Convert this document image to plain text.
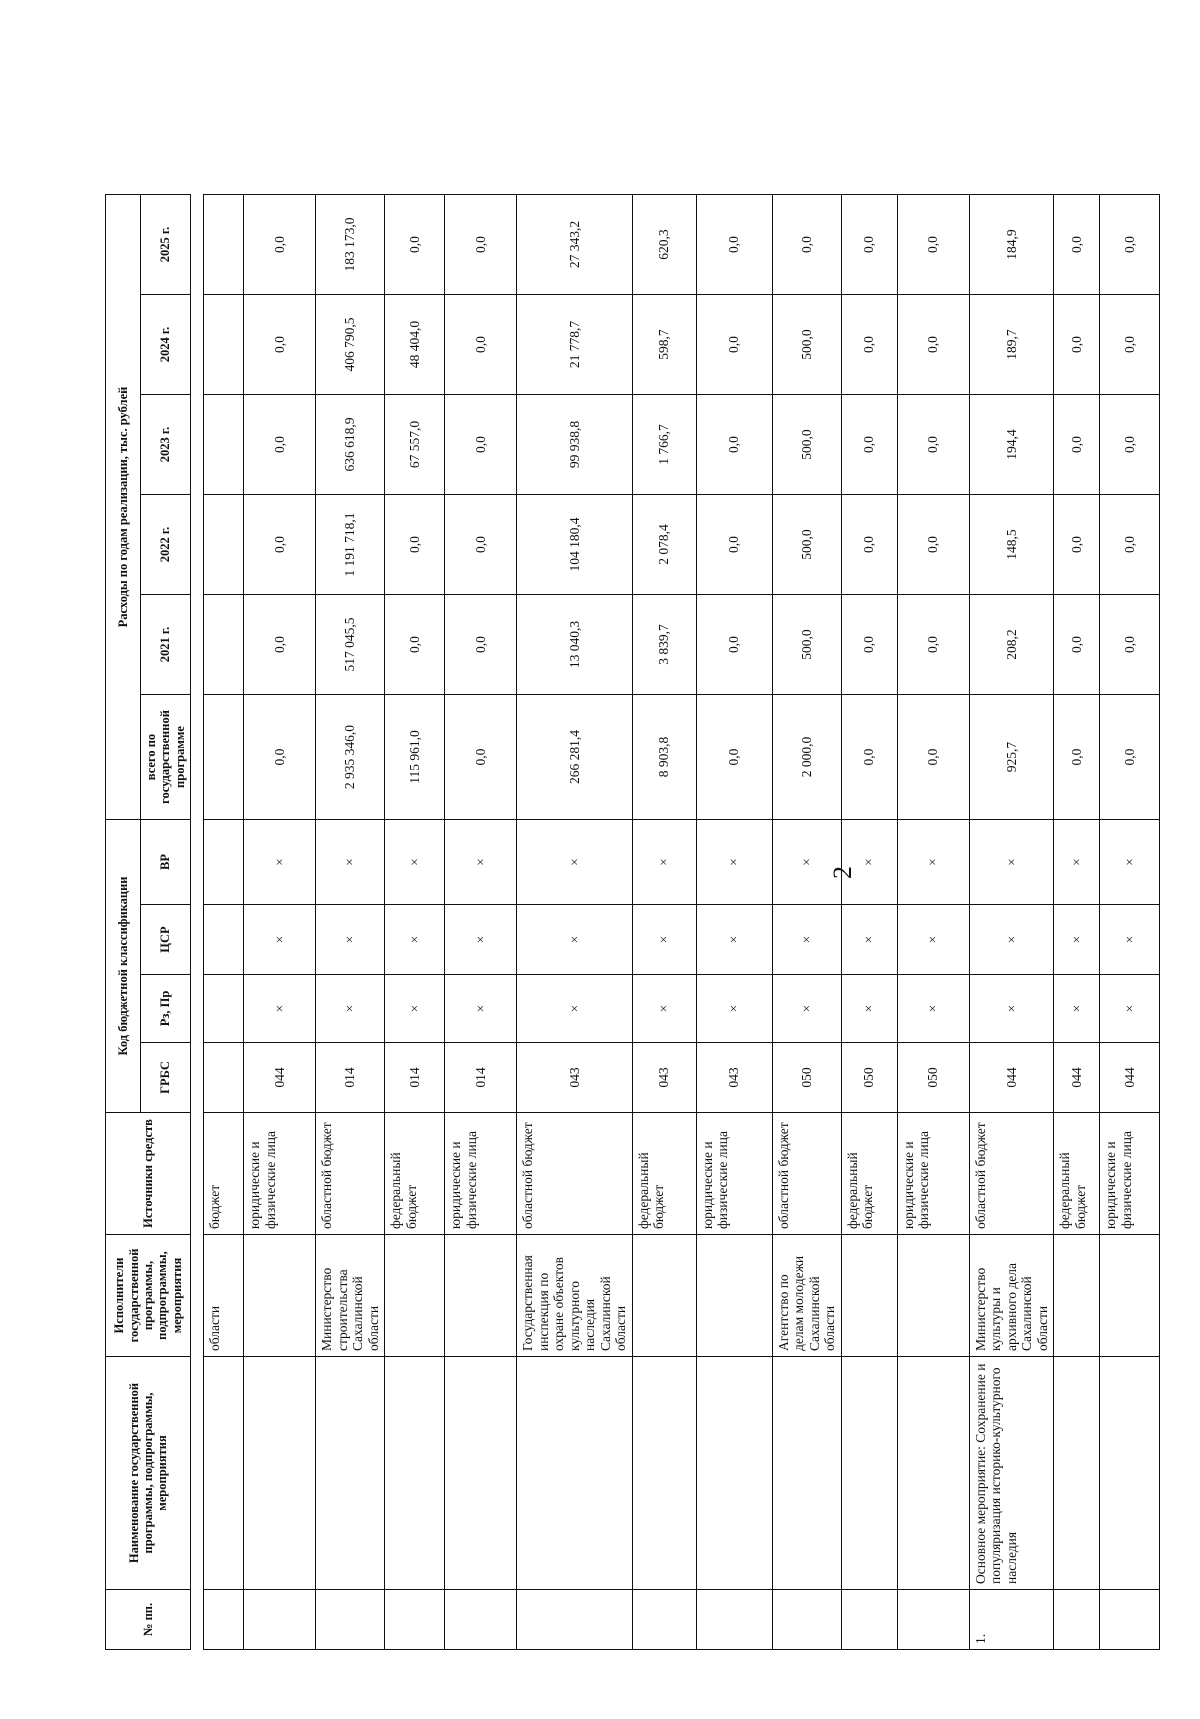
2
№ пп.	Наименование государственной программы, подпрограммы, мероприятия	Исполнители государственной программы, подпрограммы, мероприятия	Источники средств	Код бюджетной классификации				Расходы по годам реализации, тыс. рублей					
				ГРБС	Рз, Пр	ЦСР	ВР	всего по государственной программе	2021 г.	2022 г.	2023 г.	2024 г.	2025 г.
		области	бюджет										
			юридические и физические лица	044	×	×	×	0,0	0,0	0,0	0,0	0,0	0,0
		Министерство строительства Сахалинской области	областной бюджет	014	×	×	×	2 935 346,0	517 045,5	1 191 718,1	636 618,9	406 790,5	183 173,0
			федеральный бюджет	014	×	×	×	115 961,0	0,0	0,0	67 557,0	48 404,0	0,0
			юридические и физические лица	014	×	×	×	0,0	0,0	0,0	0,0	0,0	0,0
		Государственная инспекция по охране объектов культурного наследия Сахалинской области	областной бюджет	043	×	×	×	266 281,4	13 040,3	104 180,4	99 938,8	21 778,7	27 343,2
			федеральный бюджет	043	×	×	×	8 903,8	3 839,7	2 078,4	1 766,7	598,7	620,3
			юридические и физические лица	043	×	×	×	0,0	0,0	0,0	0,0	0,0	0,0
		Агентство по делам молодежи Сахалинской области	областной бюджет	050	×	×	×	2 000,0	500,0	500,0	500,0	500,0	0,0
			федеральный бюджет	050	×	×	×	0,0	0,0	0,0	0,0	0,0	0,0
			юридические и физические лица	050	×	×	×	0,0	0,0	0,0	0,0	0,0	0,0
1.	Основное мероприятие: Сохранение и популяризация историко-культурного наследия	Министерство культуры и архивного дела Сахалинской области	областной бюджет	044	×	×	×	925,7	208,2	148,5	194,4	189,7	184,9
			федеральный бюджет	044	×	×	×	0,0	0,0	0,0	0,0	0,0	0,0
			юридические и физические лица	044	×	×	×	0,0	0,0	0,0	0,0	0,0	0,0
